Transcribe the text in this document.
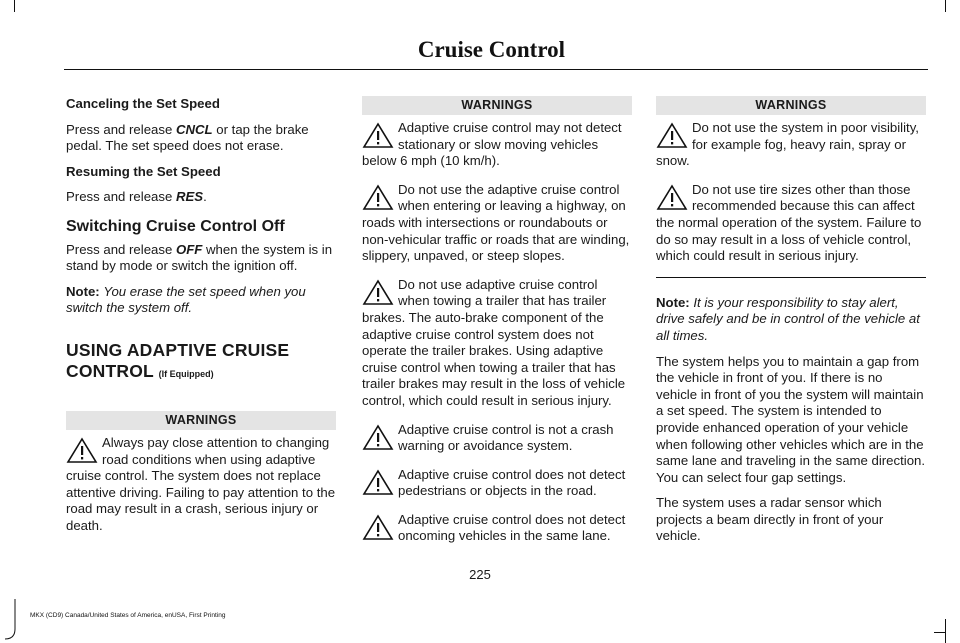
Cruise Control
Canceling the Set Speed

Press and release CNCL or tap the brake pedal. The set speed does not erase.

Resuming the Set Speed

Press and release RES.

Switching Cruise Control Off

Press and release OFF when the system is in stand by mode or switch the ignition off.

Note: You erase the set speed when you switch the system off.

USING ADAPTIVE CRUISE
CONTROL (If Equipped)
WARNINGS
Always pay close attention to changing road conditions when using adaptive cruise control. The system does not replace attentive driving. Failing to pay attention to the road may result in a crash, serious injury or death.
WARNINGS
Adaptive cruise control may not detect stationary or slow moving vehicles below 6 mph (10 km/h).
Do not use the adaptive cruise control when entering or leaving a highway, on roads with intersections or roundabouts or non-vehicular traffic or roads that are winding, slippery, unpaved, or steep slopes.
Do not use adaptive cruise control when towing a trailer that has trailer brakes. The auto-brake component of the adaptive cruise control system does not operate the trailer brakes. Using adaptive cruise control when towing a trailer that has trailer brakes may result in the loss of vehicle control, which could result in serious injury.
Adaptive cruise control is not a crash warning or avoidance system.
Adaptive cruise control does not detect pedestrians or objects in the road.
Adaptive cruise control does not detect oncoming vehicles in the same lane.
WARNINGS
Do not use the system in poor visibility, for example fog, heavy rain, spray or snow.
Do not use tire sizes other than those recommended because this can affect the normal operation of the system. Failure to do so may result in a loss of vehicle control, which could result in serious injury.

Note: It is your responsibility to stay alert, drive safely and be in control of the vehicle at all times.

The system helps you to maintain a gap from the vehicle in front of you. If there is no vehicle in front of you the system will maintain a set speed. The system is intended to provide enhanced operation of your vehicle when following other vehicles which are in the same lane and traveling in the same direction. You can select four gap settings.

The system uses a radar sensor which projects a beam directly in front of your vehicle.

225
MKX (CD9) Canada/United States of America, enUSA, First Printing
